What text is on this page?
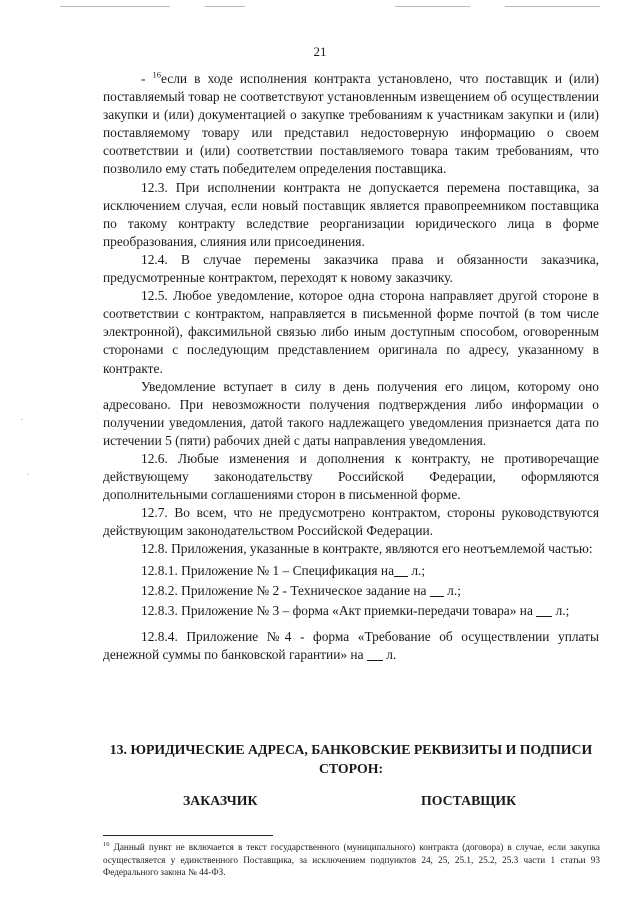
·
·
21

- $^{16}$если в ходе исполнения контракта установлено, что поставщик и (или) поставляемый товар не соответствуют установленным извещением об осуществлении закупки и (или) документацией о закупке требованиям к участникам закупки и (или) поставляемому товару или представил недостоверную информацию о своем соответствии и (или) соответствии поставляемого товара таким требованиям, что позволило ему стать победителем определения поставщика.

12.3. При исполнении контракта не допускается перемена поставщика, за исключением случая, если новый поставщик является правопреемником поставщика по такому контракту вследствие реорганизации юридического лица в форме преобразования, слияния или присоединения.

12.4. В случае перемены заказчика права и обязанности заказчика, предусмотренные контрактом, переходят к новому заказчику.

12.5. Любое уведомление, которое одна сторона направляет другой стороне в соответствии с контрактом, направляется в письменной форме почтой (в том числе электронной), факсимильной связью либо иным доступным способом, оговоренным сторонами с последующим представлением оригинала по адресу, указанному в контракте.

Уведомление вступает в силу в день получения его лицом, которому оно адресовано. При невозможности получения подтверждения либо информации о получении уведомления, датой такого надлежащего уведомления признается дата по истечении 5 (пяти) рабочих дней с даты направления уведомления.

12.6. Любые изменения и дополнения к контракту, не противоречащие действующему законодательству Российской Федерации, оформляются дополнительными соглашениями сторон в письменной форме.

12.7. Во всем, что не предусмотрено контрактом, стороны руководствуются действующим законодательством Российской Федерации.

12.8. Приложения, указанные в контракте, являются его неотъемлемой частью:

12.8.1. Приложение № 1 – Спецификация на л.;

12.8.2. Приложение № 2 - Техническое задание на  л.;

12.8.3. Приложение № 3 – форма «Акт приемки-передачи товара» на  л.;

12.8.4. Приложение №4 - форма «Требование об осуществлении уплаты денежной суммы по банковской гарантии» на  л.

13. ЮРИДИЧЕСКИЕ АДРЕСА, БАНКОВСКИЕ РЕКВИЗИТЫ И ПОДПИСИ СТОРОН:
ЗАКАЗЧИК	ПОСТАВЩИК
$^{16}$ Данный пункт не включается в текст государственного (муниципального) контракта (договора) в случае, если закупка осуществляется у единственного Поставщика, за исключением подпунктов 24, 25, 25.1, 25.2, 25.3 части 1 статьи 93 Федерального закона № 44-ФЗ.
